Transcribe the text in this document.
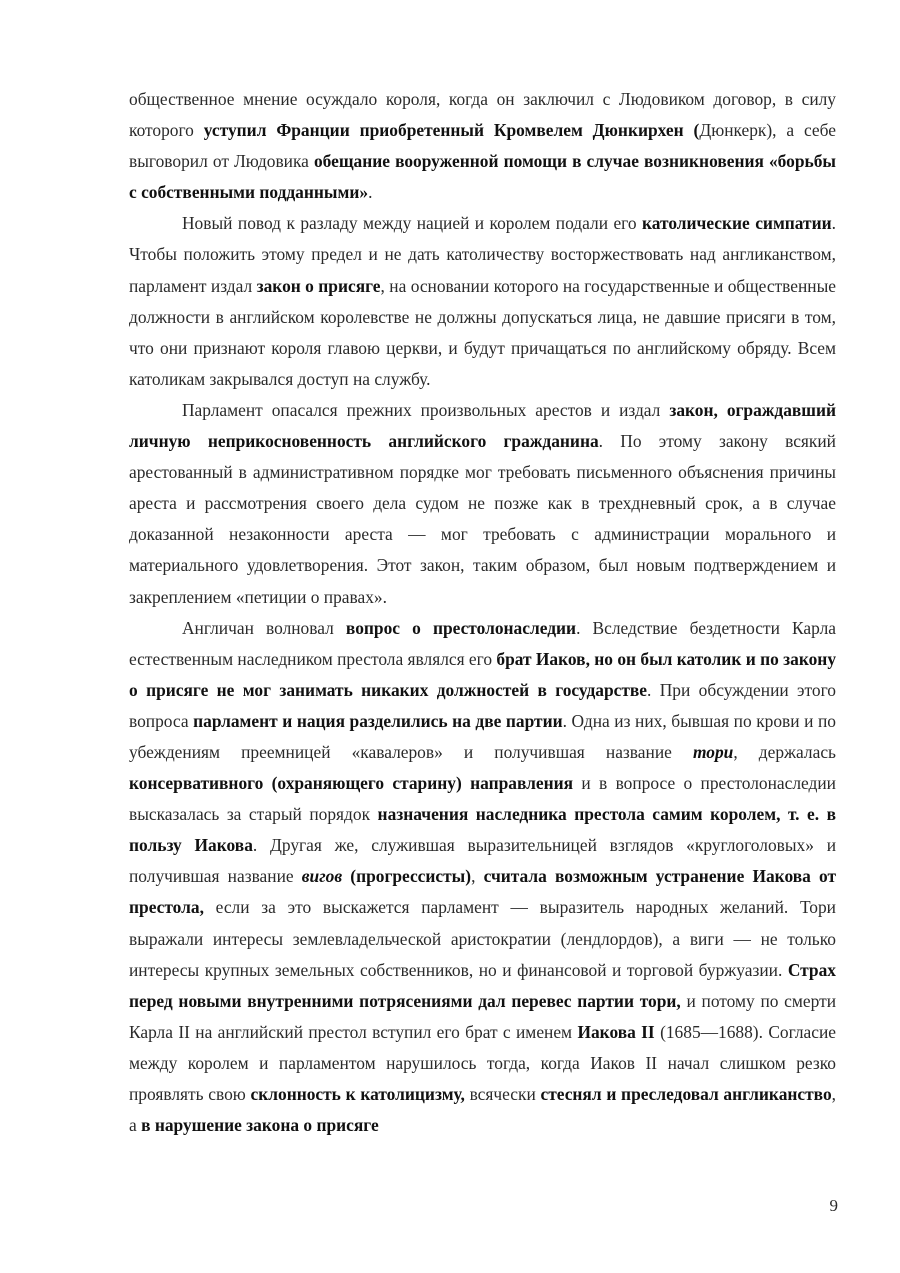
общественное мнение осуждало короля, когда он заключил с Людовиком договор, в силу которого уступил Франции приобретенный Кромвелем Дюнкирхен (Дюнкерк), а себе выговорил от Людовика обещание вооруженной помощи в случае возникновения «борьбы с собственными подданными».

Новый повод к разладу между нацией и королем подали его католические симпатии. Чтобы положить этому предел и не дать католичеству восторжествовать над англиканством, парламент издал закон о присяге, на основании которого на государственные и общественные должности в английском королевстве не должны допускаться лица, не давшие присяги в том, что они признают короля главою церкви, и будут причащаться по английскому обряду. Всем католикам закрывался доступ на службу.

Парламент опасался прежних произвольных арестов и издал закон, ограждавший личную неприкосновенность английского гражданина. По этому закону всякий арестованный в административном порядке мог требовать письменного объяснения причины ареста и рассмотрения своего дела судом не позже как в трехдневный срок, а в случае доказанной незаконности ареста — мог требовать с администрации морального и материального удовлетворения. Этот закон, таким образом, был новым подтверждением и закреплением «петиции о правах».

Англичан волновал вопрос о престолонаследии. Вследствие бездетности Карла естественным наследником престола являлся его брат Иаков, но он был католик и по закону о присяге не мог занимать никаких должностей в государстве. При обсуждении этого вопроса парламент и нация разделились на две партии. Одна из них, бывшая по крови и по убеждениям преемницей «кавалеров» и получившая название тори, держалась консервативного (охраняющего старину) направления и в вопросе о престолонаследии высказалась за старый порядок назначения наследника престола самим королем, т. е. в пользу Иакова. Другая же, служившая выразительницей взглядов «круглоголовых» и получившая название вигов (прогрессисты), считала возможным устранение Иакова от престола, если за это выскажется парламент — выразитель народных желаний. Тори выражали интересы землевладельческой аристократии (лендлордов), а виги — не только интересы крупных земельных собственников, но и финансовой и торговой буржуазии. Страх перед новыми внутренними потрясениями дал перевес партии тори, и потому по смерти Карла II на английский престол вступил его брат с именем Иакова II (1685—1688). Согласие между королем и парламентом нарушилось тогда, когда Иаков II начал слишком резко проявлять свою склонность к католицизму, всячески стеснял и преследовал англиканство, а в нарушение закона о присяге

9
